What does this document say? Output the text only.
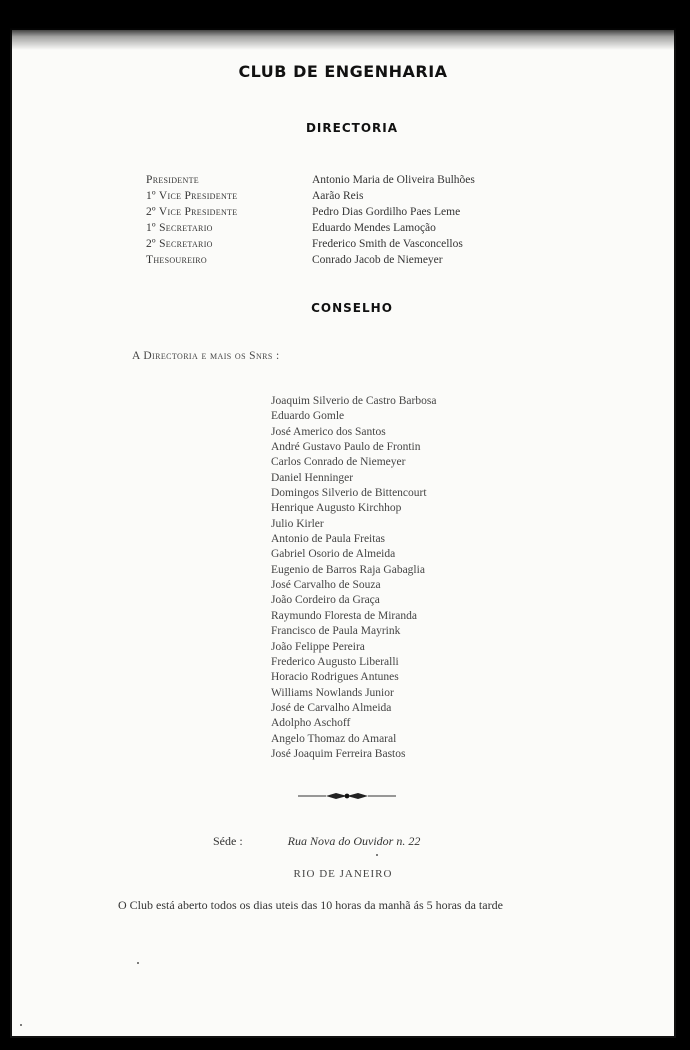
CLUB DE ENGENHARIA
DIRECTORIA
Presidente	Antonio Maria de Oliveira Bulhões
1º Vice Presidente	Aarão Reis
2º Vice Presidente	Pedro Dias Gordilho Paes Leme
1º Secretario	Eduardo Mendes Lamoção
2º Secretario	Frederico Smith de Vasconcellos
Thesoureiro	Conrado Jacob de Niemeyer
CONSELHO
A Directoria e mais os Snrs :
Joaquim Silverio de Castro Barbosa
Eduardo Gomle
José Americo dos Santos
André Gustavo Paulo de Frontin
Carlos Conrado de Niemeyer
Daniel Henninger
Domingos Silverio de Bittencourt
Henrique Augusto Kirchhop
Julio Kirler
Antonio de Paula Freitas
Gabriel Osorio de Almeida
Eugenio de Barros Raja Gabaglia
José Carvalho de Souza
João Cordeiro da Graça
Raymundo Floresta de Miranda
Francisco de Paula Mayrink
João Felippe Pereira
Frederico Augusto Liberalli
Horacio Rodrigues Antunes
Williams Nowlands Junior
José de Carvalho Almeida
Adolpho Aschoff
Angelo Thomaz do Amaral
José Joaquim Ferreira Bastos
Séde :	Rua Nova do Ouvidor n. 22
RIO DE JANEIRO
O Club está aberto todos os dias uteis das 10 horas da manhã ás 5 horas da tarde
